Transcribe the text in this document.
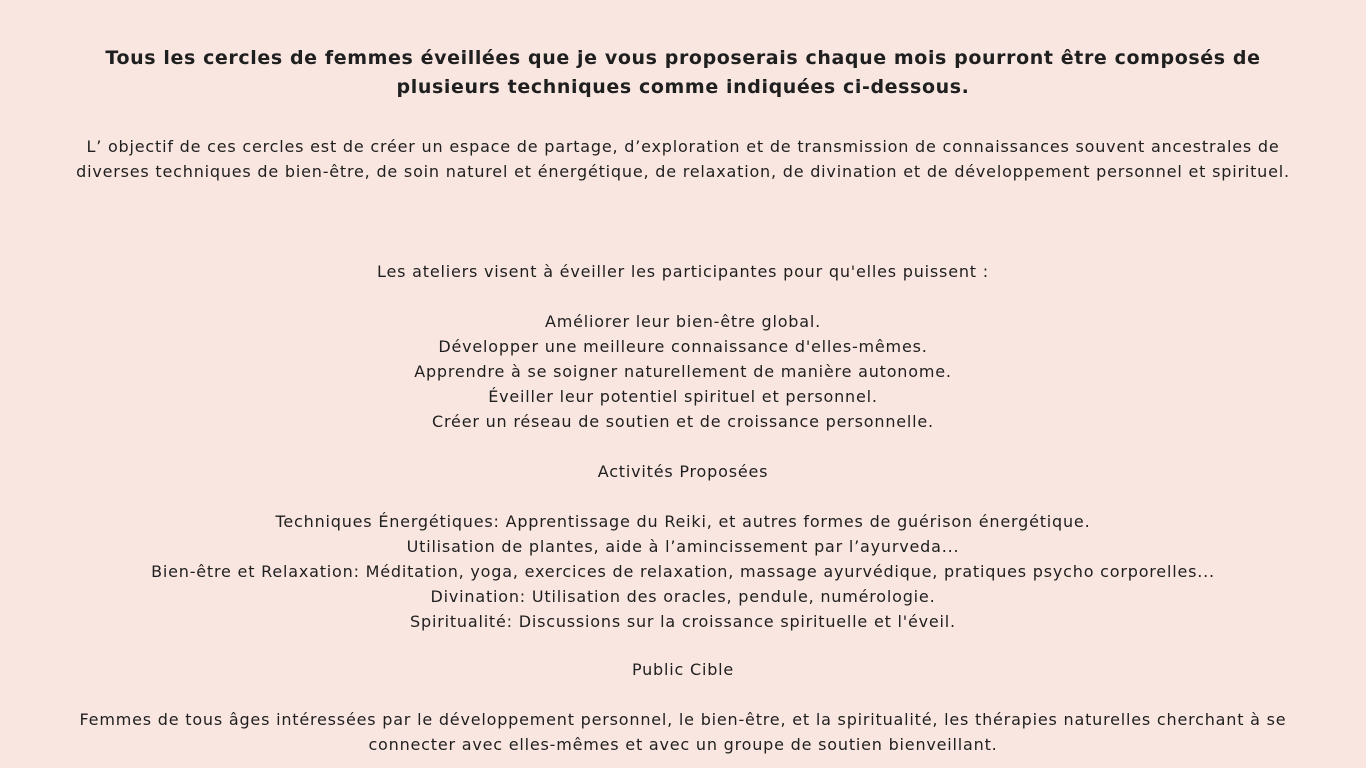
Tous les cercles de femmes éveillées que je vous proposerais chaque mois pourront être composés de plusieurs techniques comme indiquées ci-dessous.

L’ objectif de ces cercles est de créer un espace de partage, d’exploration et de transmission de connaissances souvent ancestrales de diverses techniques de bien-être, de soin naturel et énergétique, de relaxation, de divination et de développement personnel et spirituel.

Les ateliers visent à éveiller les participantes pour qu'elles puissent :

Améliorer leur bien-être global.
Développer une meilleure connaissance d'elles-mêmes.
Apprendre à se soigner naturellement de manière autonome.
Éveiller leur potentiel spirituel et personnel.
Créer un réseau de soutien et de croissance personnelle.

Activités Proposées

Techniques Énergétiques: Apprentissage du Reiki, et autres formes de guérison énergétique.
Utilisation de plantes, aide à l’amincissement par l’ayurveda...
Bien-être et Relaxation: Méditation, yoga, exercices de relaxation, massage ayurvédique, pratiques psycho corporelles...
Divination: Utilisation des oracles, pendule, numérologie.
Spiritualité: Discussions sur la croissance spirituelle et l'éveil.

Public Cible

Femmes de tous âges intéressées par le développement personnel, le bien-être, et la spiritualité, les thérapies naturelles cherchant à se connecter avec elles-mêmes et avec un groupe de soutien bienveillant.
